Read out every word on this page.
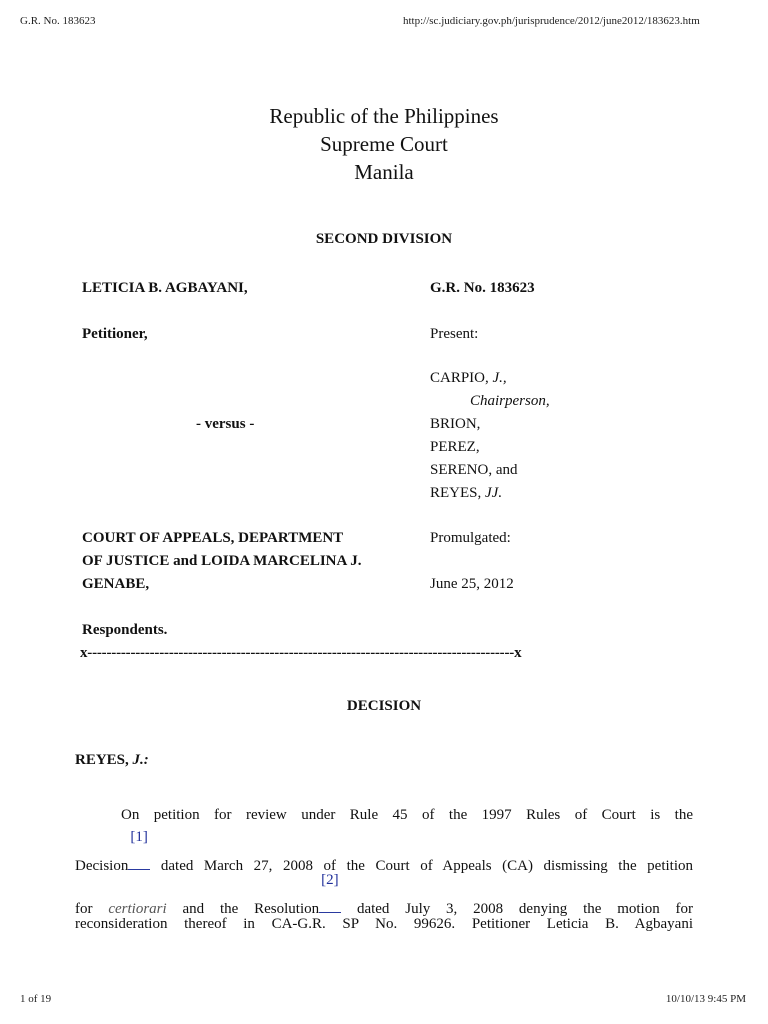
G.R. No. 183623	http://sc.judiciary.gov.ph/jurisprudence/2012/june2012/183623.htm
Republic of the Philippines
Supreme Court
Manila
SECOND DIVISION
LETICIA B. AGBAYANI,
Petitioner,
- versus -
COURT OF APPEALS, DEPARTMENT
OF JUSTICE and LOIDA MARCELINA J.
GENABE,
Respondents.
G.R. No. 183623
Present:
CARPIO, J.,
Chairperson,
BRION,
PEREZ,
SERENO, and
REYES, JJ.
Promulgated:
June 25, 2012
x-----------------------------------------------------------------------------------------x
DECISION
REYES, J.:
On petition for review under Rule 45 of the 1997 Rules of Court is the
Decision
[1]
dated March 27, 2008 of the Court of Appeals (CA) dismissing the petition
for certiorari and the Resolution
[2]
dated July 3, 2008 denying the motion for
reconsideration thereof in CA-G.R. SP No. 99626. Petitioner Leticia B. Agbayani
1 of 19	10/10/13 9:45 PM
